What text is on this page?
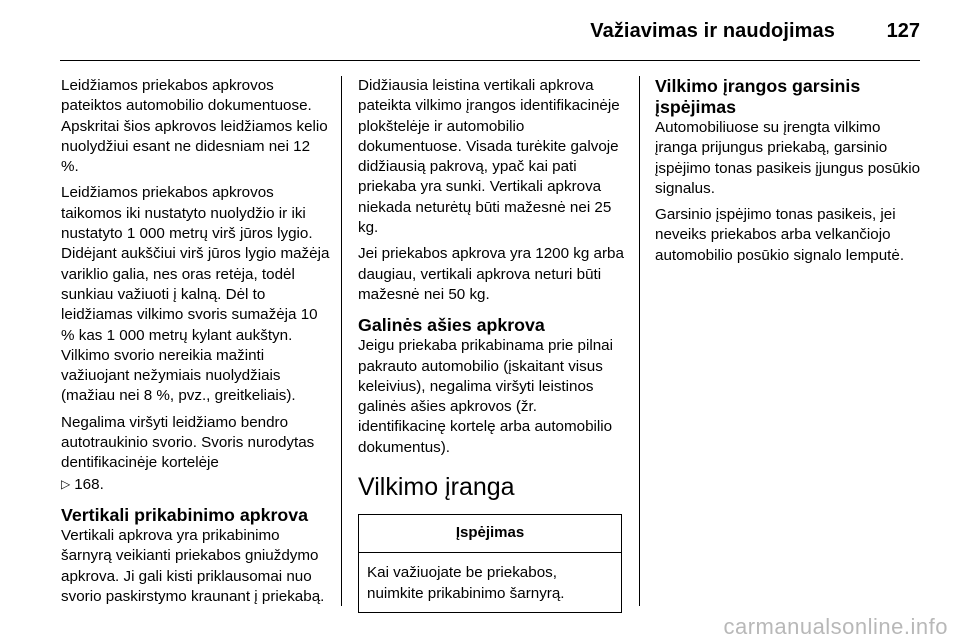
Važiavimas ir naudojimas	127

Leidžiamos priekabos apkrovos pateiktos automobilio dokumentuose. Apskritai šios apkrovos leidžiamos kelio nuolydžiui esant ne didesniam nei 12 %.

Leidžiamos priekabos apkrovos taikomos iki nustatyto nuolydžio ir iki nustatyto 1 000 metrų virš jūros lygio. Didėjant aukščiui virš jūros lygio mažėja variklio galia, nes oras retėja, todėl sunkiau važiuoti į kalną. Dėl to leidžiamas vilkimo svoris sumažėja 10 % kas 1 000 metrų kylant aukštyn. Vilkimo svorio nereikia mažinti važiuojant nežymiais nuolydžiais (mažiau nei 8 %, pvz., greitkeliais).

Negalima viršyti leidžiamo bendro autotraukinio svorio. Svoris nurodytas dentifikacinėje kortelėje
▷ 168.

Vertikali prikabinimo apkrova

Vertikali apkrova yra prikabinimo šarnyrą veikianti priekabos gniuždymo apkrova. Ji gali kisti priklausomai nuo svorio paskirstymo kraunant į priekabą.

Didžiausia leistina vertikali apkrova pateikta vilkimo įrangos identifikacinėje plokštelėje ir automobilio dokumentuose. Visada turėkite galvoje didžiausią pakrovą, ypač kai pati priekaba yra sunki. Vertikali apkrova niekada neturėtų būti mažesnė nei 25 kg.

Jei priekabos apkrova yra 1200 kg arba daugiau, vertikali apkrova neturi būti mažesnė nei 50 kg.

Galinės ašies apkrova

Jeigu priekaba prikabinama prie pilnai pakrauto automobilio (įskaitant visus keleivius), negalima viršyti leistinos galinės ašies apkrovos (žr. identifikacinę kortelę arba automobilio dokumentus).

Vilkimo įranga
Įspėjimas
Kai važiuojate be priekabos, nuimkite prikabinimo šarnyrą.
Vilkimo įrangos garsinis įspėjimas

Automobiliuose su įrengta vilkimo įranga prijungus priekabą, garsinio įspėjimo tonas pasikeis įjungus posūkio signalus.

Garsinio įspėjimo tonas pasikeis, jei neveiks priekabos arba velkančiojo automobilio posūkio signalo lemputė.

carmanualsonline.info
